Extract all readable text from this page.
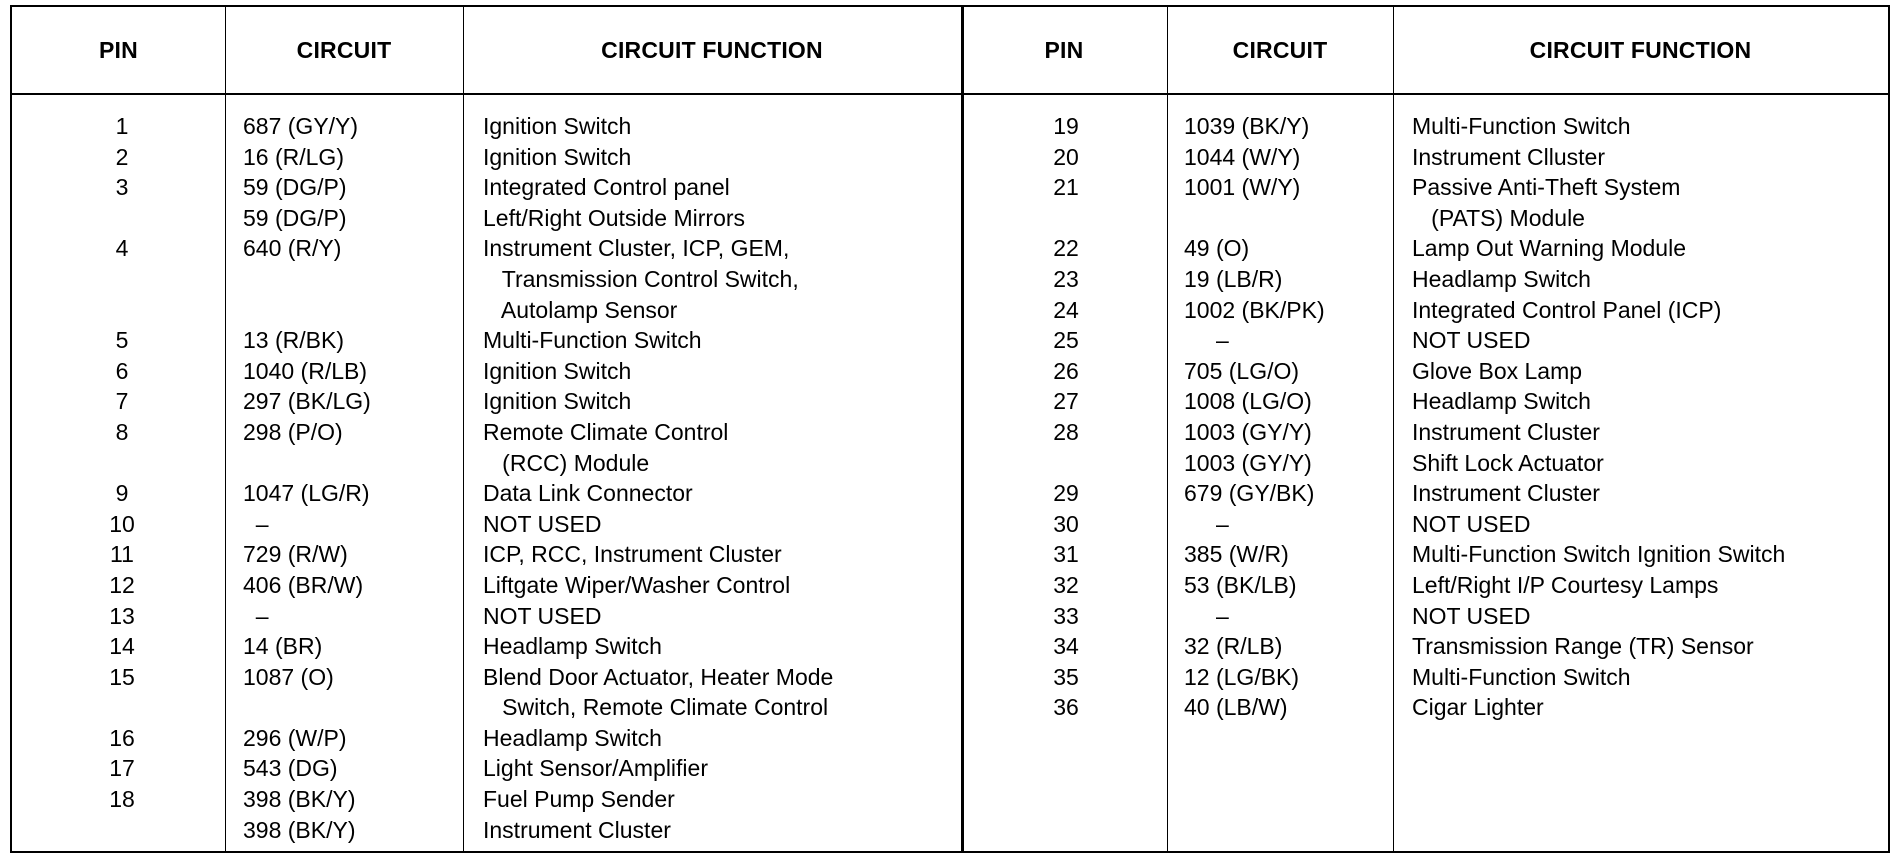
PIN	CIRCUIT	CIRCUIT FUNCTION	PIN	CIRCUIT	CIRCUIT FUNCTION
1	687 (GY/Y)	Ignition Switch
2	16 (R/LG)	Ignition Switch
3	59 (DG/P)	Integrated Control panel
59 (DG/P)	Left/Right Outside Mirrors
4	640 (R/Y)	Instrument Cluster, ICP, GEM,
Transmission Control Switch,
Autolamp Sensor
5	13 (R/BK)	Multi-Function Switch
6	1040 (R/LB)	Ignition Switch
7	297 (BK/LG)	Ignition Switch
8	298 (P/O)	Remote Climate Control
(RCC) Module
9	1047 (LG/R)	Data Link Connector
10	–	NOT USED
11	729 (R/W)	ICP, RCC, Instrument Cluster
12	406 (BR/W)	Liftgate Wiper/Washer Control
13	–	NOT USED
14	14 (BR)	Headlamp Switch
15	1087 (O)	Blend Door Actuator, Heater Mode
Switch, Remote Climate Control
16	296 (W/P)	Headlamp Switch
17	543 (DG)	Light Sensor/Amplifier
18	398 (BK/Y)	Fuel Pump Sender
398 (BK/Y)	Instrument Cluster
19	1039 (BK/Y)	Multi-Function Switch
20	1044 (W/Y)	Instrument Clluster
21	1001 (W/Y)	Passive Anti-Theft System
(PATS) Module
22	49 (O)	Lamp Out Warning Module
23	19 (LB/R)	Headlamp Switch
24	1002 (BK/PK)	Integrated Control Panel (ICP)
25	–	NOT USED
26	705 (LG/O)	Glove Box Lamp
27	1008 (LG/O)	Headlamp Switch
28	1003 (GY/Y)	Instrument Cluster
1003 (GY/Y)	Shift Lock Actuator
29	679 (GY/BK)	Instrument Cluster
30	–	NOT USED
31	385 (W/R)	Multi-Function Switch Ignition Switch
32	53 (BK/LB)	Left/Right I/P Courtesy Lamps
33	–	NOT USED
34	32 (R/LB)	Transmission Range (TR) Sensor
35	12 (LG/BK)	Multi-Function Switch
36	40 (LB/W)	Cigar Lighter
